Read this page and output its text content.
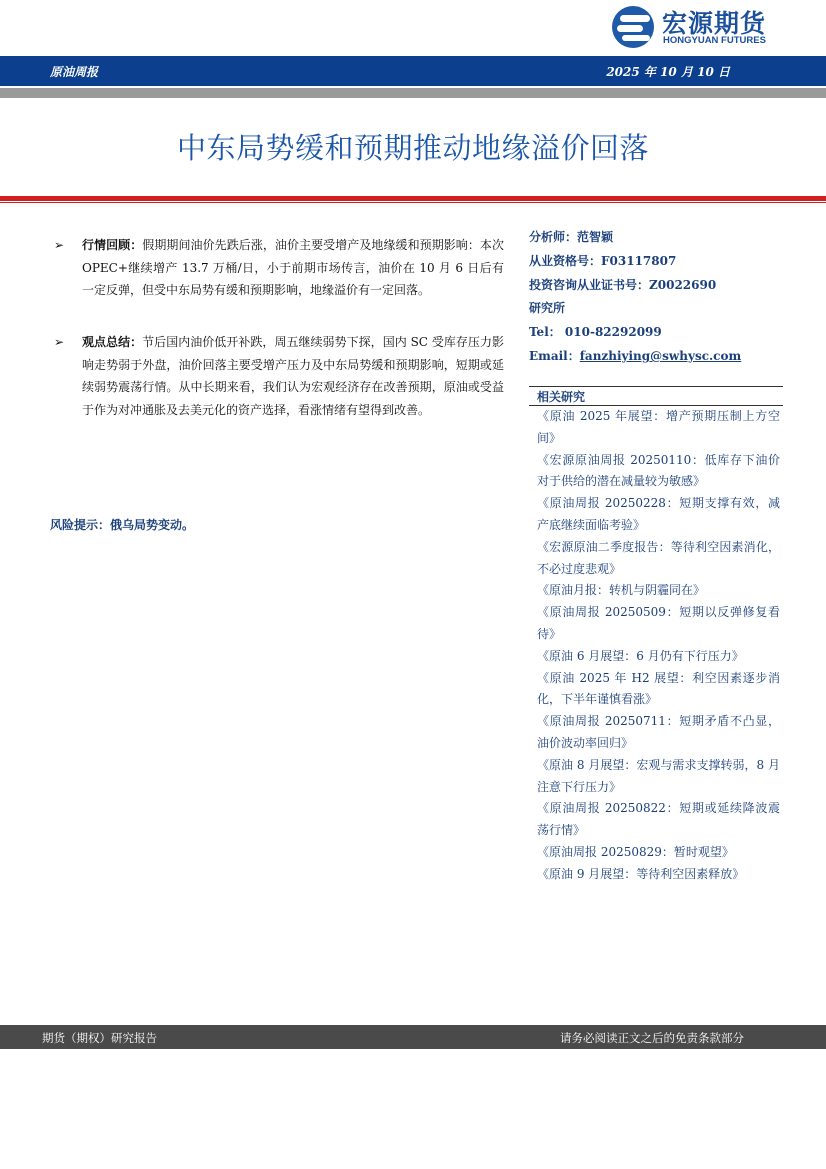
宏源期货
HONGYUAN FUTURES
原油周报	2025 年 10 月 10 日
中东局势缓和预期推动地缘溢价回落
➢ 行情回顾：假期期间油价先跌后涨，油价主要受增产及地缘缓和预期影响：本次 OPEC+继续增产 13.7 万桶/日，小于前期市场传言，油价在 10 月 6 日后有一定反弹，但受中东局势有缓和预期影响，地缘溢价有一定回落。
➢ 观点总结：节后国内油价低开补跌，周五继续弱势下探，国内 SC 受库存压力影响走势弱于外盘，油价回落主要受增产压力及中东局势缓和预期影响，短期或延续弱势震荡行情。从中长期来看，我们认为宏观经济存在改善预期，原油或受益于作为对冲通胀及去美元化的资产选择，看涨情绪有望得到改善。
风险提示：俄乌局势变动。
分析师：范智颖
从业资格号：F03117807
投资咨询从业证书号：Z0022690
研究所
Tel： 010-82292099
Email：fanzhiying@swhysc.com
相关研究
《原油 2025 年展望：增产预期压制上方空间》
《宏源原油周报 20250110：低库存下油价对于供给的潜在减量较为敏感》
《原油周报 20250228：短期支撑有效，减产底继续面临考验》
《宏源原油二季度报告：等待利空因素消化，不必过度悲观》
《原油月报：转机与阴霾同在》
《原油周报 20250509：短期以反弹修复看待》
《原油 6 月展望：6 月仍有下行压力》
《原油 2025 年 H2 展望：利空因素逐步消化，下半年谨慎看涨》
《原油周报 20250711：短期矛盾不凸显，油价波动率回归》
《原油 8 月展望：宏观与需求支撑转弱，8 月注意下行压力》
《原油周报 20250822：短期或延续降波震荡行情》
《原油周报 20250829：暂时观望》
《原油 9 月展望：等待利空因素释放》
期货（期权）研究报告	请务必阅读正文之后的免责条款部分
